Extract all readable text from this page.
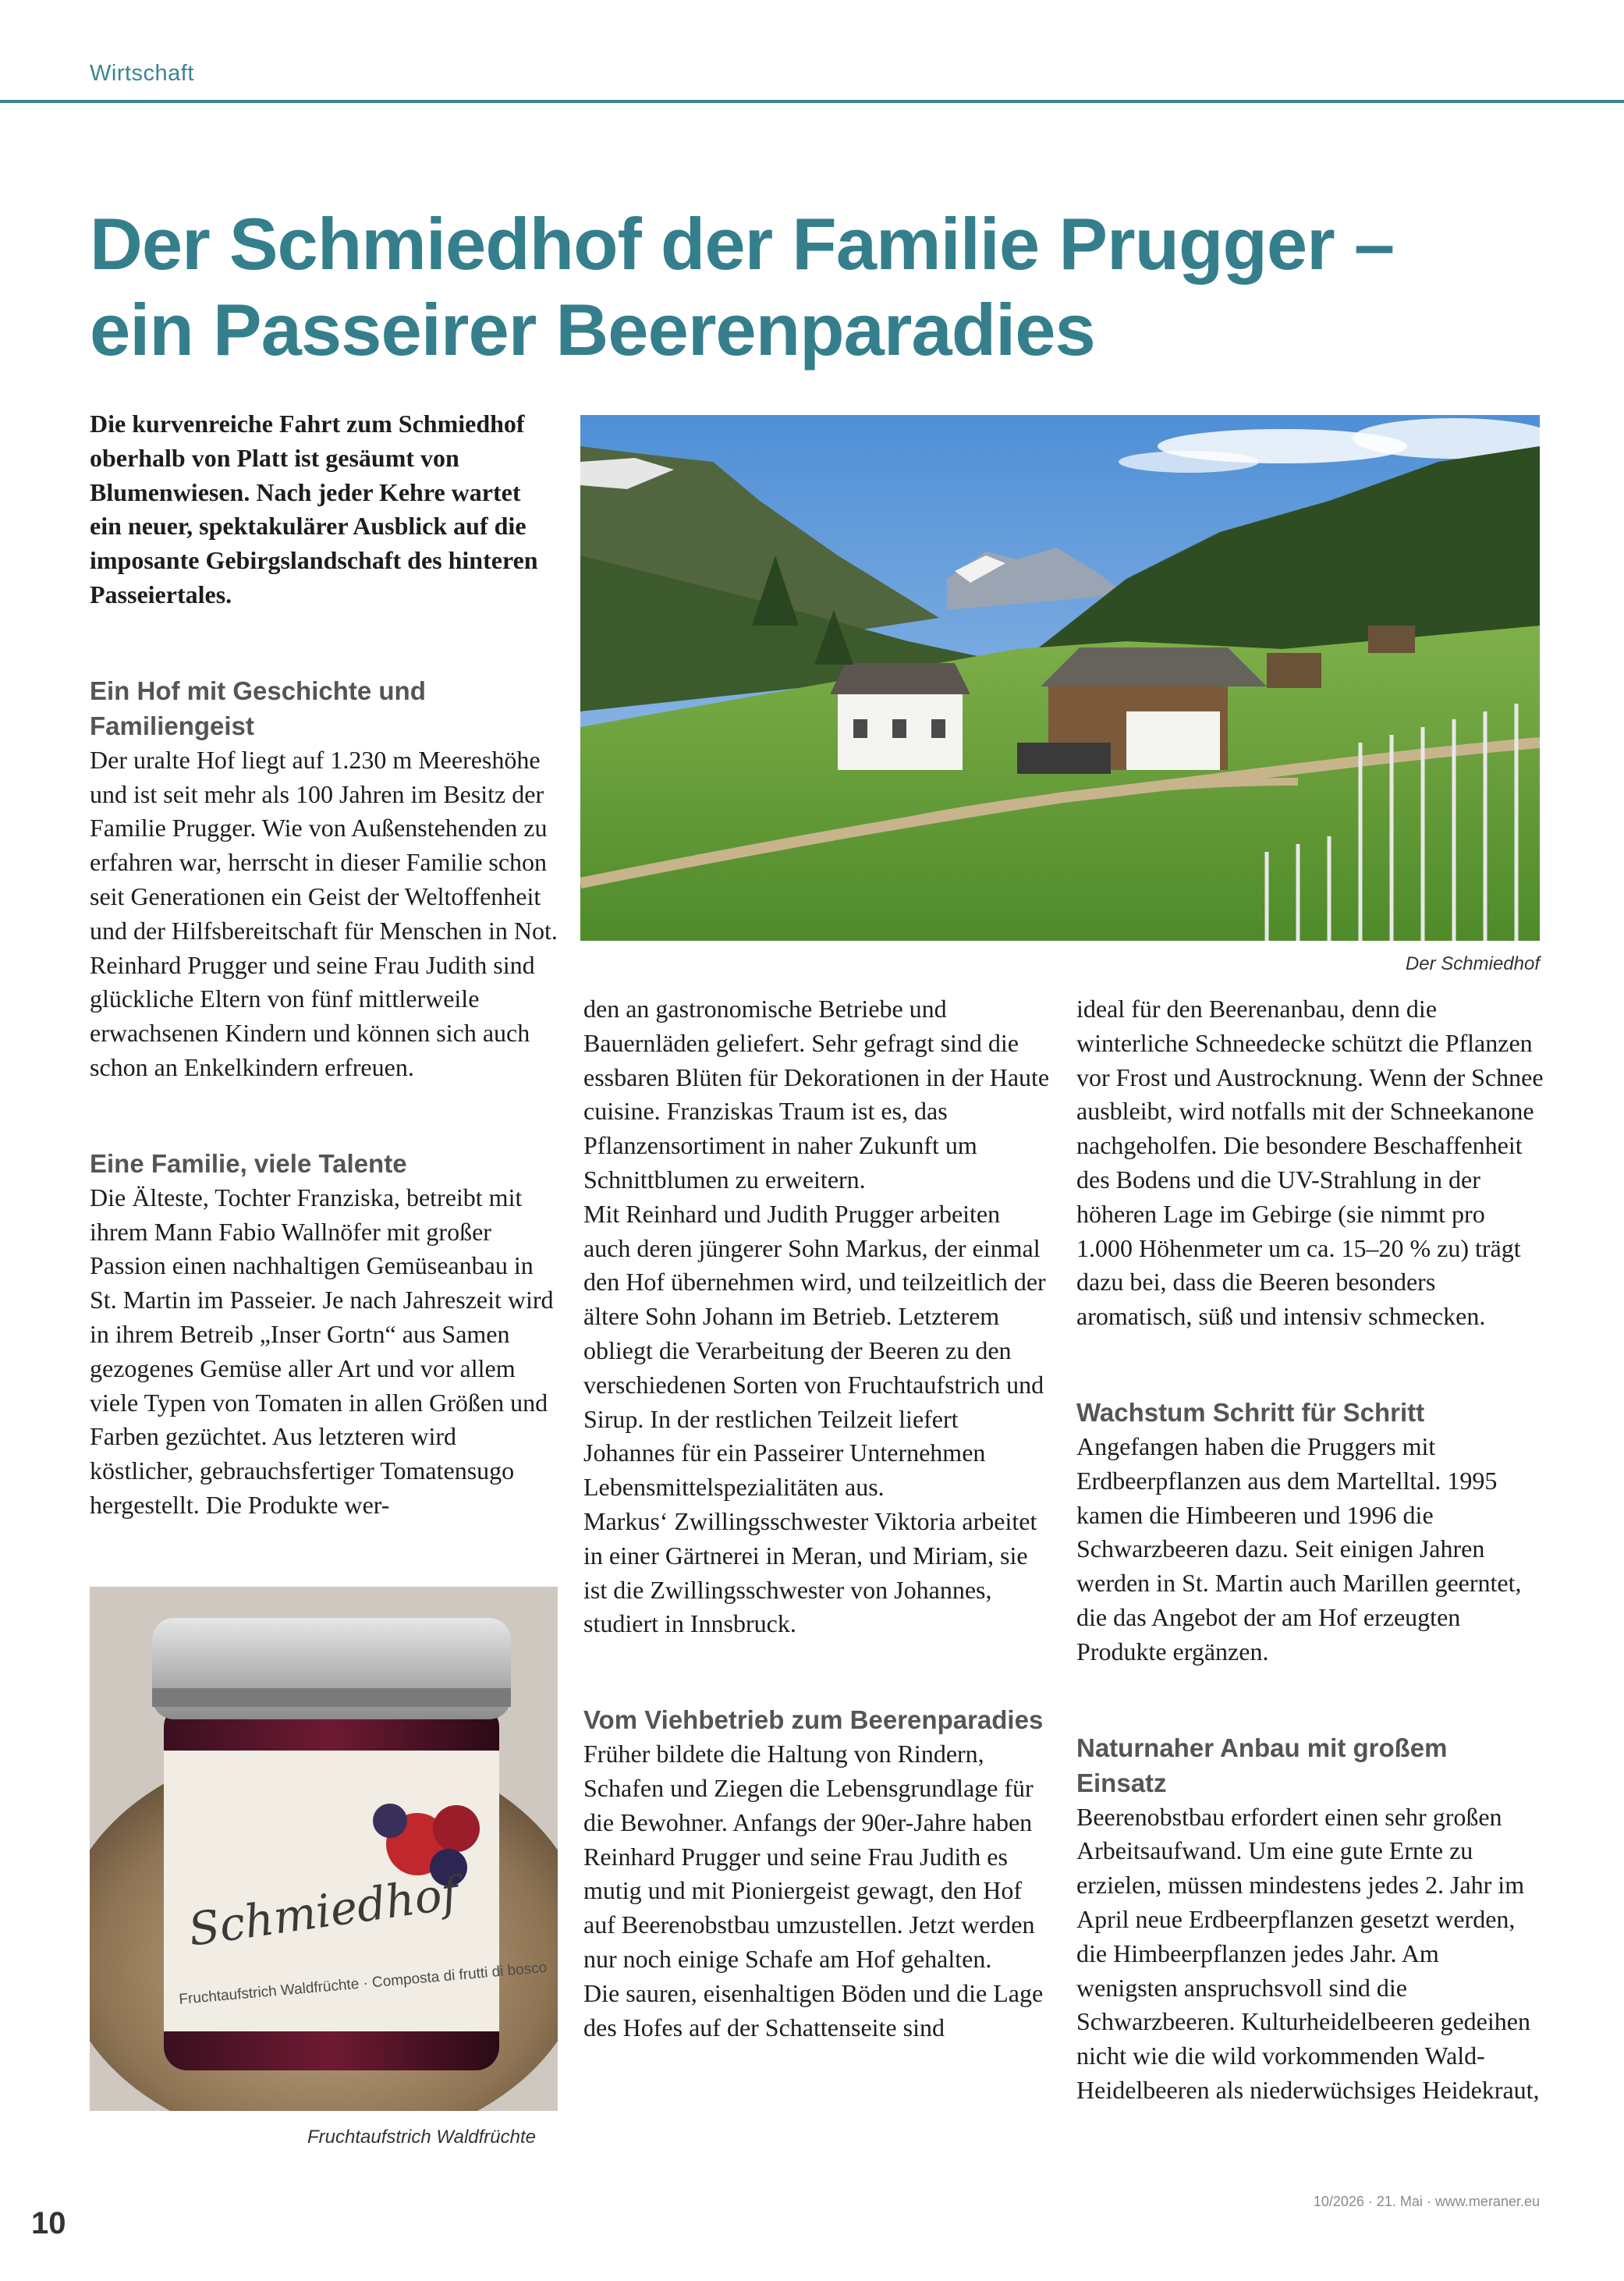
Wirtschaft
Der Schmiedhof der Familie Prugger –
ein Passeirer Beerenparadies

Die kurvenreiche Fahrt zum Schmiedhof oberhalb von Platt ist gesäumt von Blumenwiesen. Nach jeder Kehre wartet ein neuer, spektakulärer Ausblick auf die imposante Gebirgslandschaft des hinteren Passeiertales.

Ein Hof mit Geschichte und Familiengeist

Der uralte Hof liegt auf 1.230 m Meereshöhe und ist seit mehr als 100 Jahren im Besitz der Familie Prugger. Wie von Außenstehenden zu erfahren war, herrscht in dieser Familie schon seit Generationen ein Geist der Weltoffenheit und der Hilfsbereitschaft für Menschen in Not. Reinhard Prugger und seine Frau Judith sind glückliche Eltern von fünf mittlerweile erwachsenen Kindern und können sich auch schon an Enkelkindern erfreuen.

Eine Familie, viele Talente

Die Älteste, Tochter Franziska, betreibt mit ihrem Mann Fabio Wallnöfer mit großer Passion einen nachhaltigen Gemüseanbau in St. Martin im Passeier. Je nach Jahreszeit wird in ihrem Betreib „Inser Gortn“ aus Samen gezogenes Gemüse aller Art und vor allem viele Typen von Tomaten in allen Größen und Farben gezüchtet. Aus letzteren wird köstlicher, gebrauchsfertiger Tomatensugo hergestellt. Die Produkte wer-

Der Schmiedhof
Schmiedhof
Fruchtaufstrich Waldfrüchte · Composta di frutti di bosco
Fruchtaufstrich Waldfrüchte

den an gastronomische Betriebe und Bauernläden geliefert. Sehr gefragt sind die essbaren Blüten für Dekorationen in der Haute cuisine. Franziskas Traum ist es, das Pflanzensortiment in naher Zukunft um Schnittblumen zu erweitern.

Mit Reinhard und Judith Prugger arbeiten auch deren jüngerer Sohn Markus, der einmal den Hof übernehmen wird, und teilzeitlich der ältere Sohn Johann im Betrieb. Letzterem obliegt die Verarbeitung der Beeren zu den verschiedenen Sorten von Fruchtaufstrich und Sirup. In der restlichen Teilzeit liefert Johannes für ein Passeirer Unternehmen Lebensmittelspezialitäten aus.

Markus‘ Zwillingsschwester Viktoria arbeitet in einer Gärtnerei in Meran, und Miriam, sie ist die Zwillingsschwester von Johannes, studiert in Innsbruck.

Vom Viehbetrieb zum Beerenparadies

Früher bildete die Haltung von Rindern, Schafen und Ziegen die Lebensgrundlage für die Bewohner. Anfangs der 90er-Jahre haben Reinhard Prugger und seine Frau Judith es mutig und mit Pioniergeist gewagt, den Hof auf Beerenobstbau umzustellen. Jetzt werden nur noch einige Schafe am Hof gehalten.

Die sauren, eisenhaltigen Böden und die Lage des Hofes auf der Schattenseite sind

ideal für den Beerenanbau, denn die winterliche Schneedecke schützt die Pflanzen vor Frost und Austrocknung. Wenn der Schnee ausbleibt, wird notfalls mit der Schneekanone nachgeholfen. Die besondere Beschaffenheit des Bodens und die UV-Strahlung in der höheren Lage im Gebirge (sie nimmt pro 1.000 Höhenmeter um ca. 15–20 % zu) trägt dazu bei, dass die Beeren besonders aromatisch, süß und intensiv schmecken.

Wachstum Schritt für Schritt

Angefangen haben die Pruggers mit Erdbeerpflanzen aus dem Martelltal. 1995 kamen die Himbeeren und 1996 die Schwarzbeeren dazu. Seit einigen Jahren werden in St. Martin auch Marillen geerntet, die das Angebot der am Hof erzeugten Produkte ergänzen.

Naturnaher Anbau mit großem Einsatz

Beerenobstbau erfordert einen sehr großen Arbeitsaufwand. Um eine gute Ernte zu erzielen, müssen mindestens jedes 2. Jahr im April neue Erdbeerpflanzen gesetzt werden, die Himbeerpflanzen jedes Jahr. Am wenigsten anspruchsvoll sind die Schwarzbeeren. Kulturheidelbeeren gedeihen nicht wie die wild vorkommenden Wald-Heidelbeeren als niederwüchsiges Heidekraut,

10
10/2026 · 21. Mai · www.meraner.eu
